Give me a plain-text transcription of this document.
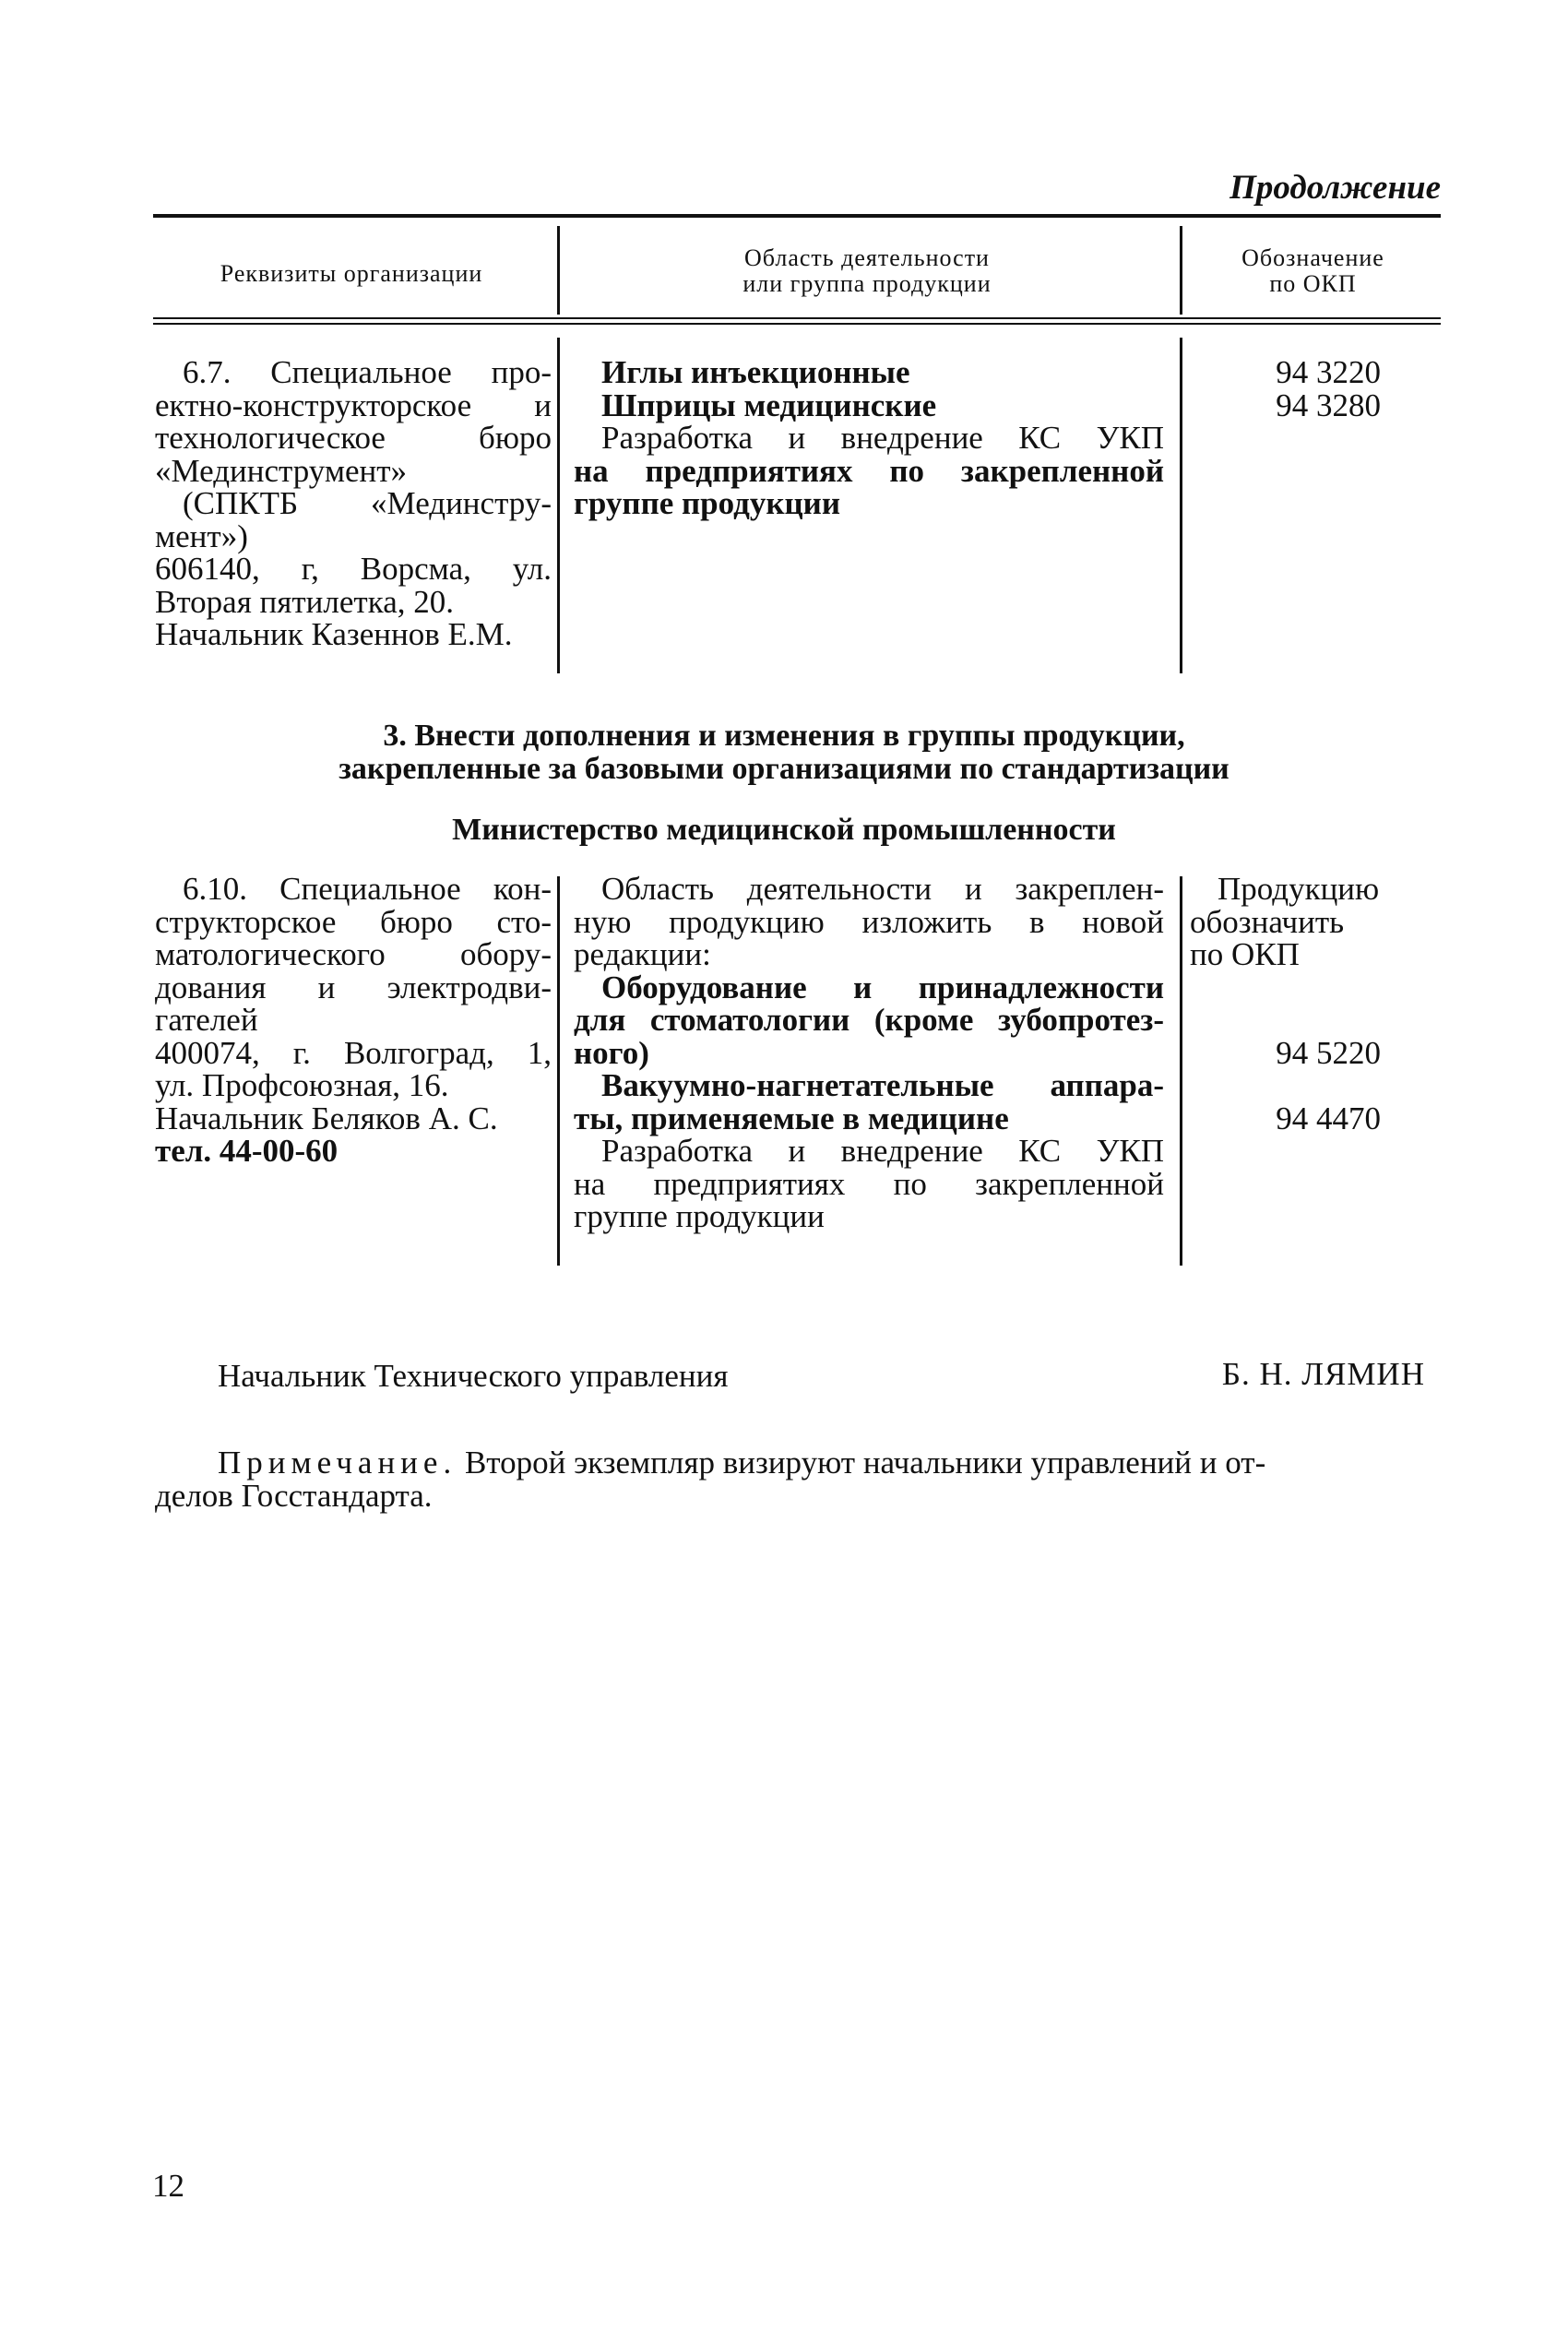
Продолжение
Реквизиты организации
Область деятельности
или группа продукции
Обозначение
по ОКП
6.7. Специальное про-
ектно-конструкторское и
технологическое бюро
«Мединструмент»
(СПКТБ «Мединстру-
мент»)
606140, г, Ворсма, ул.
Вторая пятилетка, 20.
Начальник Казеннов Е.М.
Иглы инъекционные
Шприцы медицинские
Разработка и внедрение КС УКП
на предприятиях по закрепленной
группе продукции
94 3220
94 3280
3. Внести дополнения и изменения в группы продукции,
закрепленные за базовыми организациями по стандартизации
Министерство медицинской промышленности
6.10. Специальное кон-
структорское бюро сто-
матологического обору-
дования и электродви-
гателей
400074, г. Волгоград, 1,
ул. Профсоюзная, 16.
Начальник Беляков А. С.
тел. 44-00-60
Область деятельности и закреплен-
ную продукцию изложить в новой
редакции:
Оборудование и принадлежности
для стоматологии (кроме зубопротез-
ного)
Вакуумно-нагнетательные аппара-
ты, применяемые в медицине
Разработка и внедрение КС УКП
на предприятиях по закрепленной
группе продукции
Продукцию
обозначить
по ОКП
94 5220
94 4470
Начальник Технического управления	Б. Н. ЛЯМИН
Примечание. Второй экземпляр визируют начальники управлений и от-
делов Госстандарта.
12
